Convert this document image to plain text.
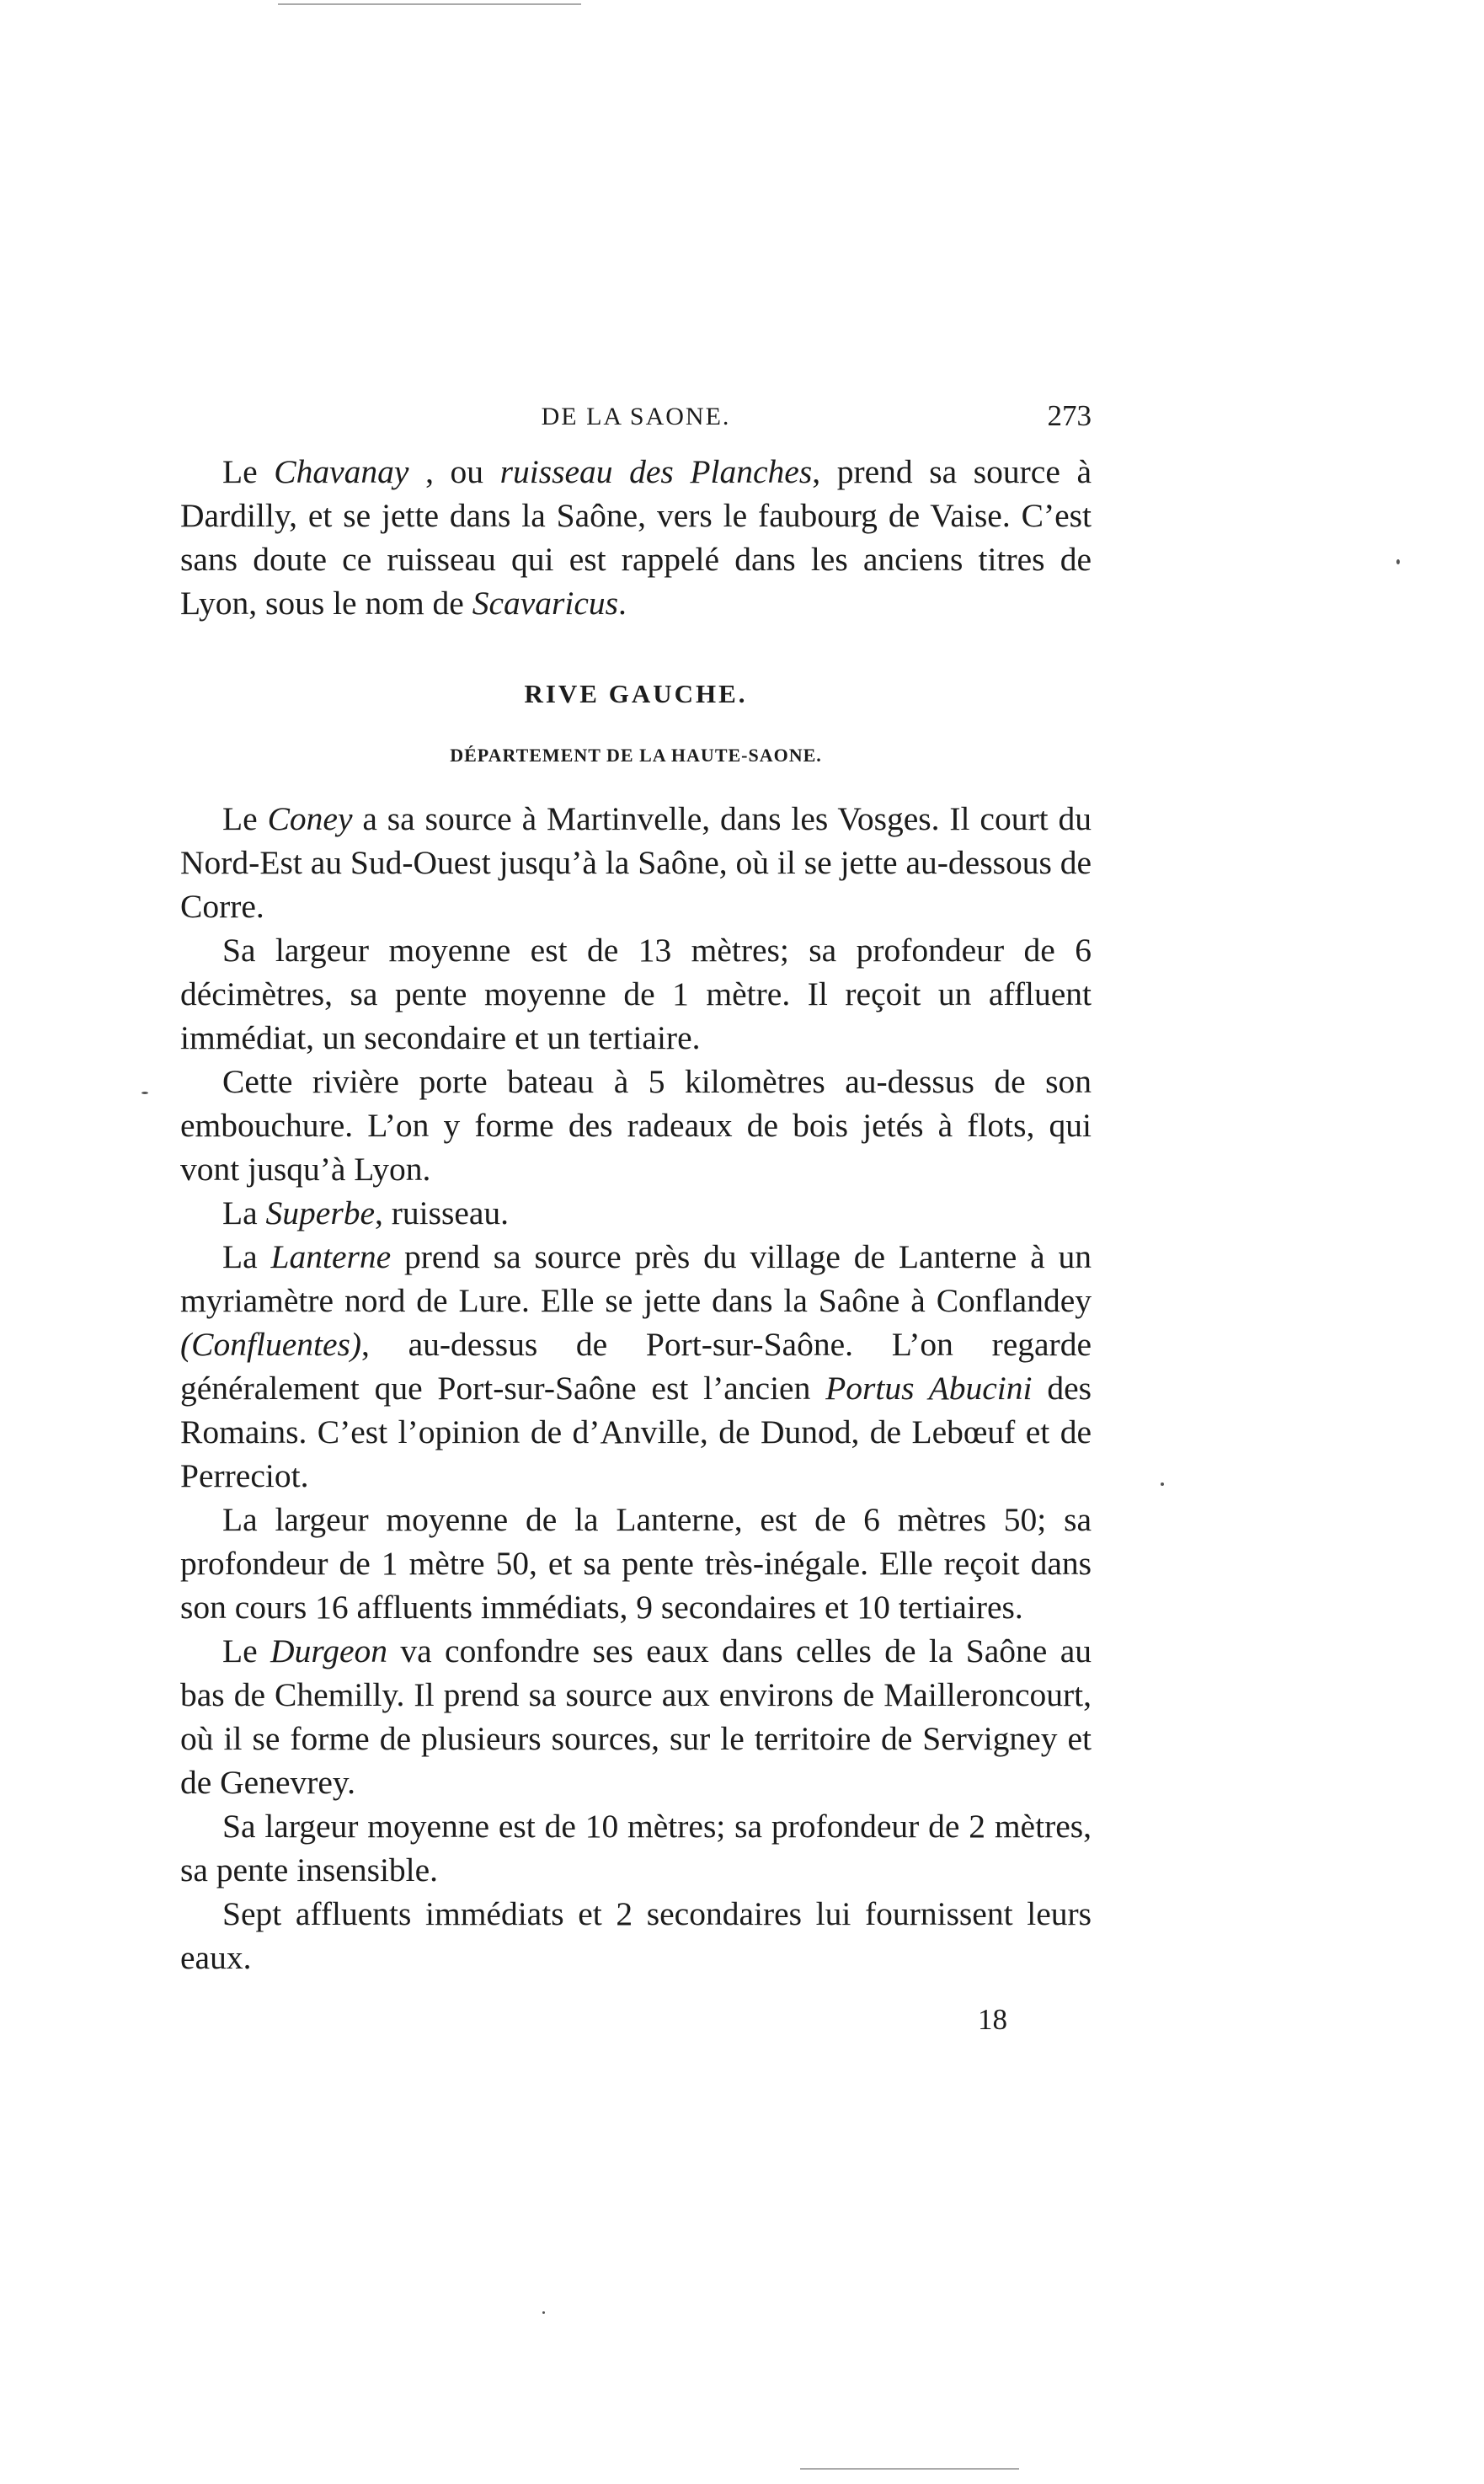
DE LA SAONE.	273

Le Chavanay , ou ruisseau des Planches, prend sa source à Dardilly, et se jette dans la Saône, vers le faubourg de Vaise. C’est sans doute ce ruisseau qui est rappelé dans les anciens titres de Lyon, sous le nom de Scavaricus.

RIVE GAUCHE.
DÉPARTEMENT DE LA HAUTE-SAONE.

Le Coney a sa source à Martinvelle, dans les Vosges. Il court du Nord-Est au Sud-Ouest jusqu’à la Saône, où il se jette au-dessous de Corre.

Sa largeur moyenne est de 13 mètres; sa profondeur de 6 décimètres, sa pente moyenne de 1 mètre. Il reçoit un affluent immédiat, un secondaire et un tertiaire.

Cette rivière porte bateau à 5 kilomètres au-dessus de son embouchure. L’on y forme des radeaux de bois jetés à flots, qui vont jusqu’à Lyon.

La Superbe, ruisseau.

La Lanterne prend sa source près du village de Lanterne à un myriamètre nord de Lure. Elle se jette dans la Saône à Conflandey (Confluentes), au-dessus de Port-sur-Saône. L’on regarde généralement que Port-sur-Saône est l’ancien Portus Abucini des Romains. C’est l’opinion de d’Anville, de Dunod, de Lebœuf et de Perreciot.

La largeur moyenne de la Lanterne, est de 6 mètres 50; sa profondeur de 1 mètre 50, et sa pente très-inégale. Elle reçoit dans son cours 16 affluents immédiats, 9 secondaires et 10 tertiaires.

Le Durgeon va confondre ses eaux dans celles de la Saône au bas de Chemilly. Il prend sa source aux environs de Mailleroncourt, où il se forme de plusieurs sources, sur le territoire de Servigney et de Genevrey.

Sa largeur moyenne est de 10 mètres; sa profondeur de 2 mètres, sa pente insensible.

Sept affluents immédiats et 2 secondaires lui fournissent leurs eaux.

18
